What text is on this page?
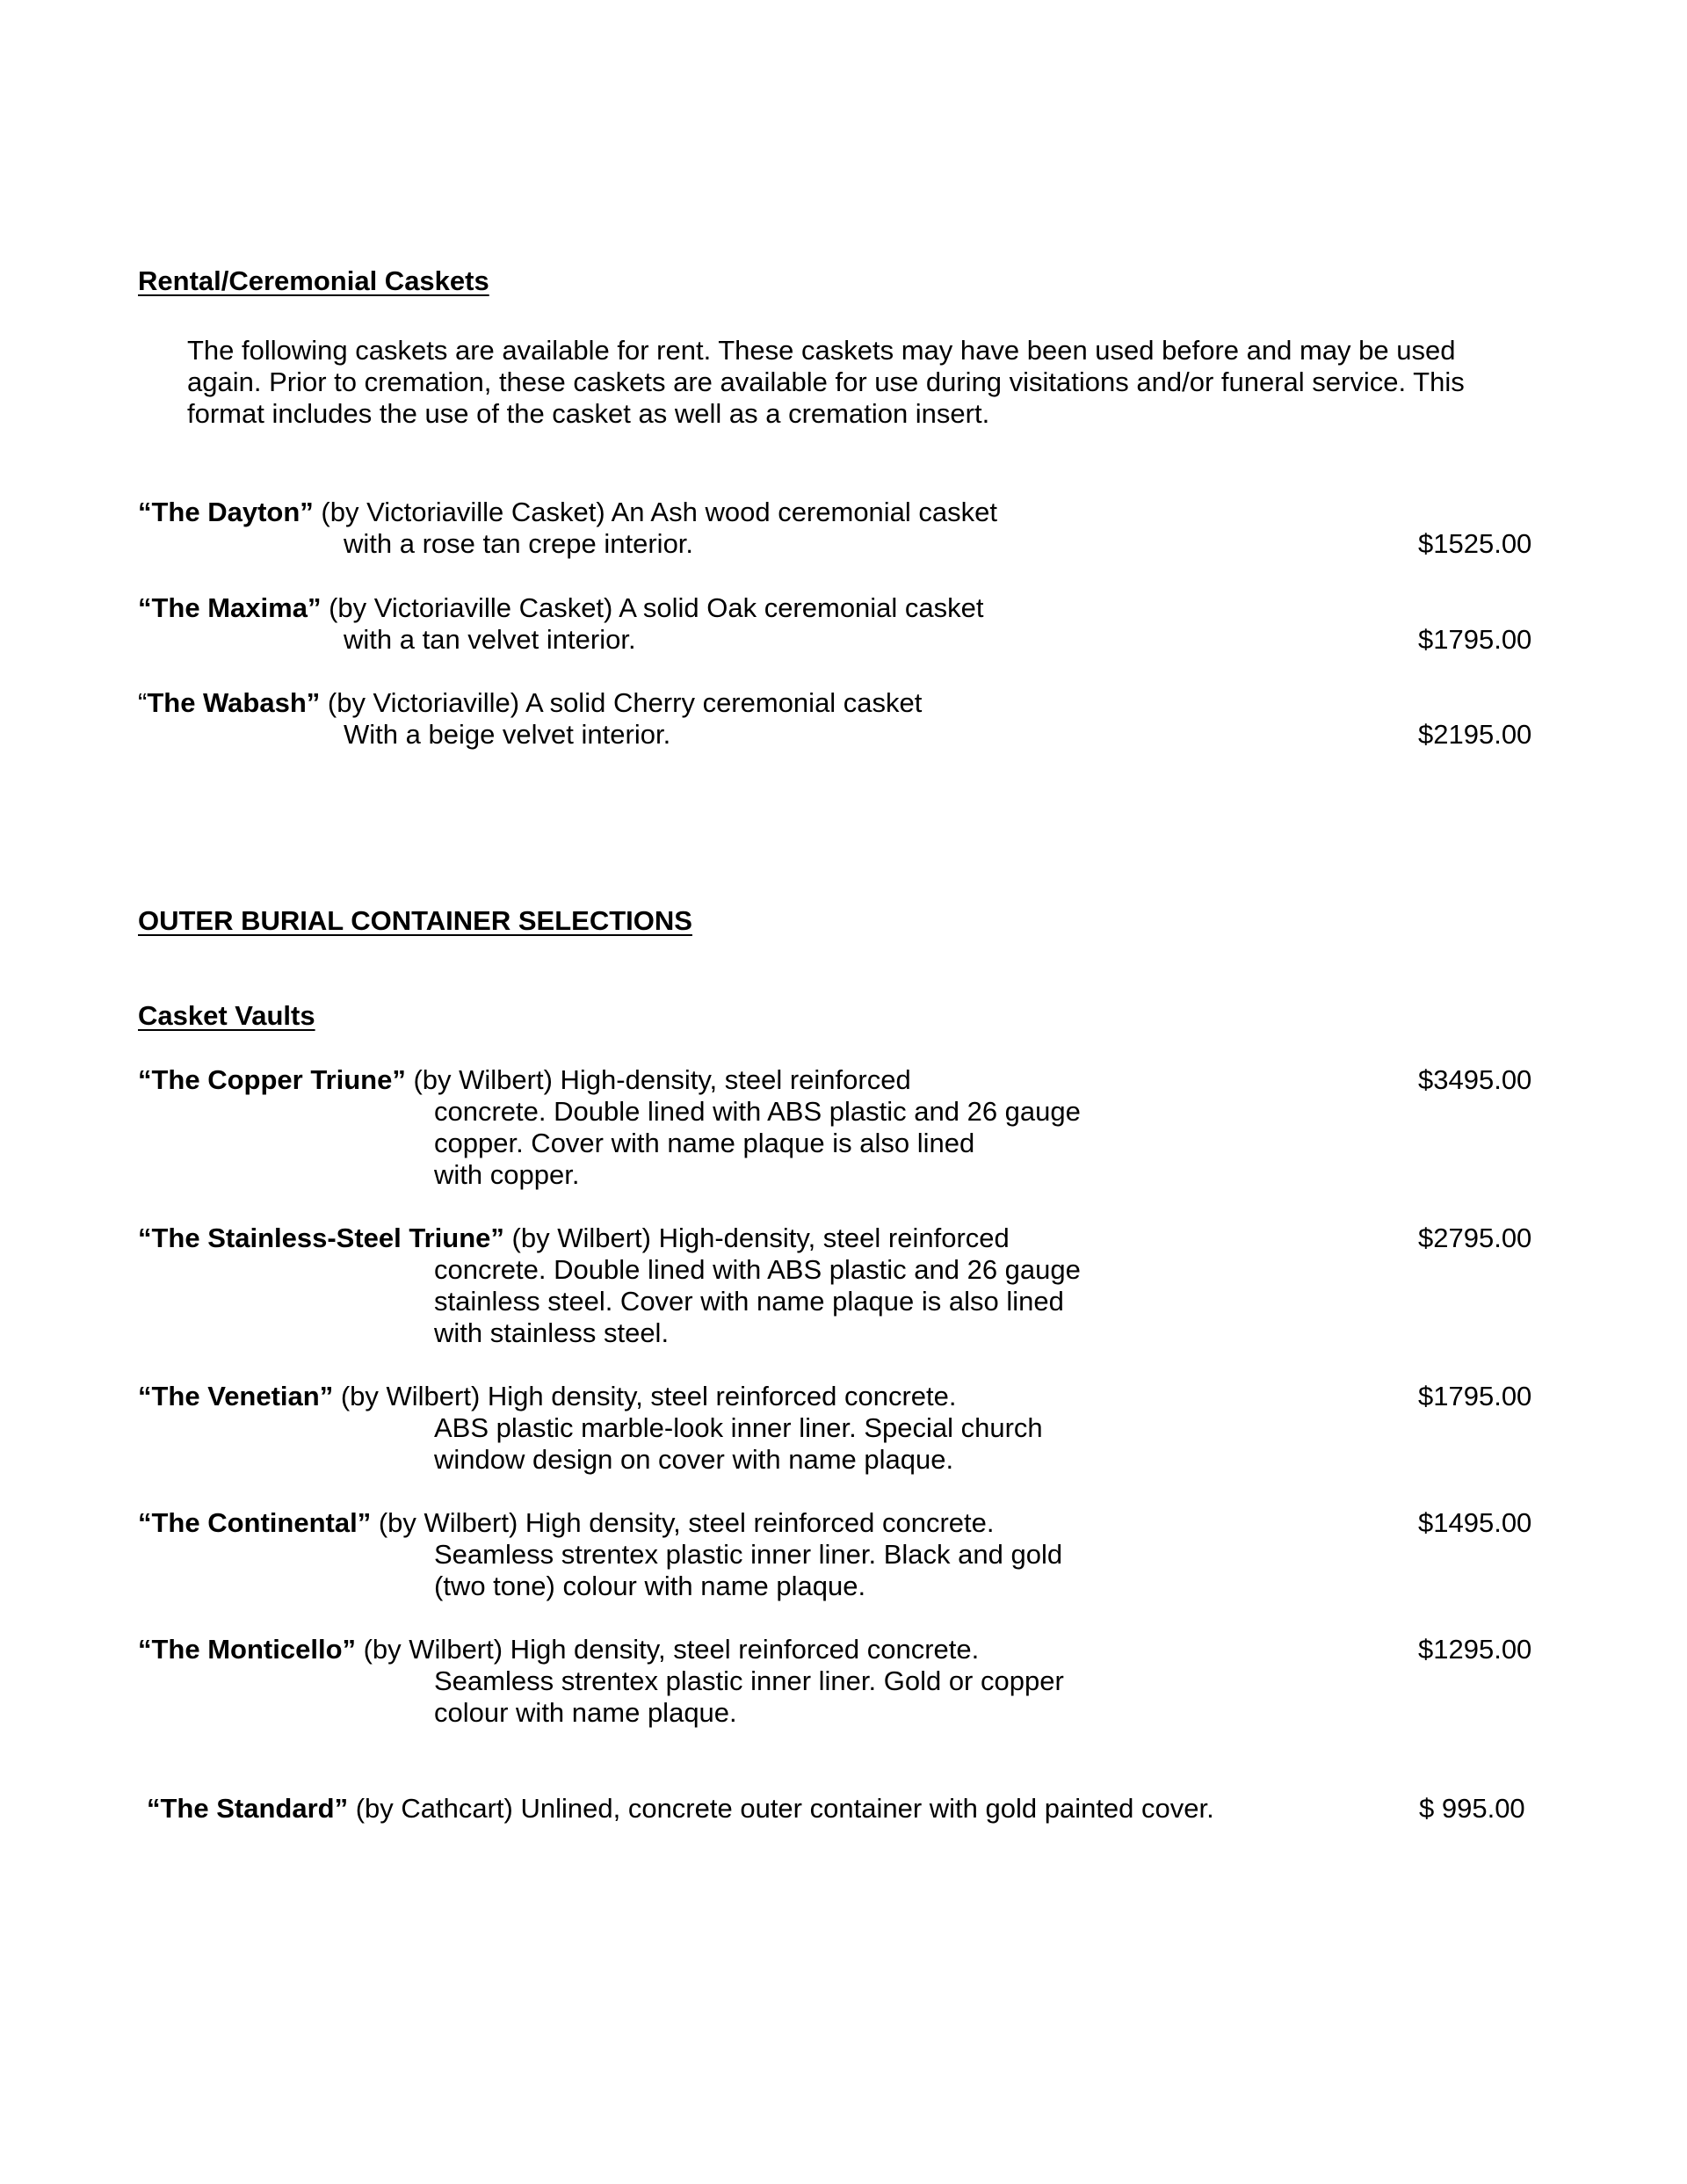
Rental/Ceremonial Caskets
The following caskets are available for rent. These caskets may have been used before and may be used
again. Prior to cremation, these caskets are available for use during visitations and/or funeral service. This
format includes the use of the casket as well as a cremation insert.
“The Dayton” (by Victoriaville Casket) An Ash wood ceremonial casket
with a rose tan crepe interior.	$1525.00
“The Maxima” (by Victoriaville Casket) A solid Oak ceremonial casket
with a tan velvet interior.	$1795.00
“The Wabash” (by Victoriaville) A solid Cherry ceremonial casket
With a beige velvet interior.	$2195.00
OUTER BURIAL CONTAINER SELECTIONS
Casket Vaults
“The Copper Triune” (by Wilbert) High-density, steel reinforced
concrete. Double lined with ABS plastic and 26 gauge
copper. Cover with name plaque is also lined
with copper.
$3495.00
“The Stainless-Steel Triune” (by Wilbert) High-density, steel reinforced
concrete. Double lined with ABS plastic and 26 gauge
stainless steel. Cover with name plaque is also lined
with stainless steel.
$2795.00
“The Venetian” (by Wilbert) High density, steel reinforced concrete.
ABS plastic marble-look inner liner. Special church
window design on cover with name plaque.
$1795.00
“The Continental” (by Wilbert) High density, steel reinforced concrete.
Seamless strentex plastic inner liner. Black and gold
(two tone) colour with name plaque.
$1495.00
“The Monticello” (by Wilbert) High density, steel reinforced concrete.
Seamless strentex plastic inner liner. Gold or copper
colour with name plaque.
$1295.00
“The Standard” (by Cathcart) Unlined, concrete outer container with gold painted cover.	$ 995.00
